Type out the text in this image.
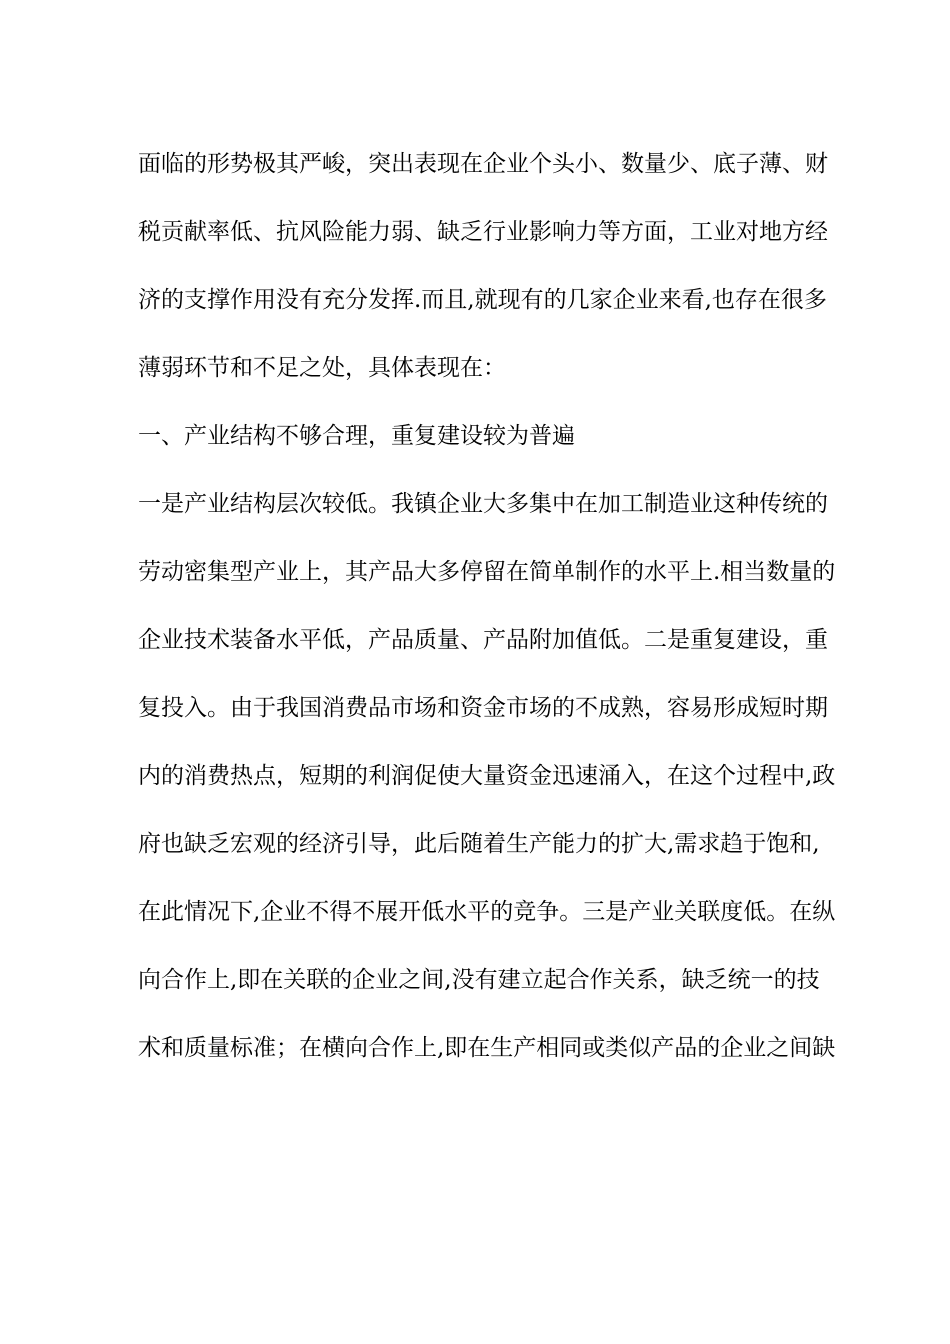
面临的形势极其严峻，突出表现在企业个头小、数量少、底子薄、财
税贡献率低、抗风险能力弱、缺乏行业影响力等方面，工业对地方经
济的支撑作用没有充分发挥.而且,就现有的几家企业来看,也存在很多
薄弱环节和不足之处，具体表现在：
一、产业结构不够合理，重复建设较为普遍
一是产业结构层次较低。我镇企业大多集中在加工制造业这种传统的
劳动密集型产业上，其产品大多停留在简单制作的水平上.相当数量的
企业技术装备水平低，产品质量、产品附加值低。二是重复建设，重
复投入。由于我国消费品市场和资金市场的不成熟，容易形成短时期
内的消费热点，短期的利润促使大量资金迅速涌入，在这个过程中,政
府也缺乏宏观的经济引导，此后随着生产能力的扩大,需求趋于饱和,
在此情况下,企业不得不展开低水平的竞争。三是产业关联度低。在纵
向合作上,即在关联的企业之间,没有建立起合作关系，缺乏统一的技
术和质量标准；在横向合作上,即在生产相同或类似产品的企业之间缺
